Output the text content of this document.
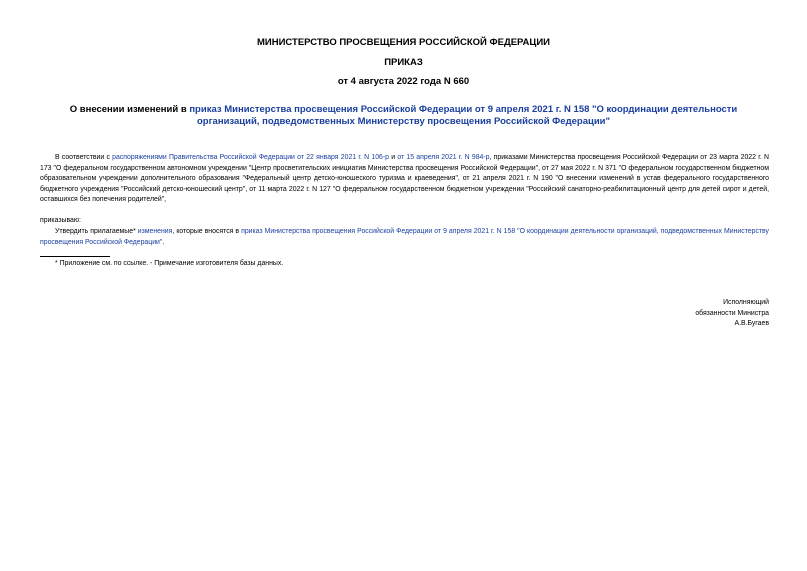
МИНИСТЕРСТВО ПРОСВЕЩЕНИЯ РОССИЙСКОЙ ФЕДЕРАЦИИ
ПРИКАЗ
от 4 августа 2022 года N 660
О внесении изменений в приказ Министерства просвещения Российской Федерации от 9 апреля 2021 г. N 158 "О координации деятельности организаций, подведомственных Министерству просвещения Российской Федерации"
В соответствии с распоряжениями Правительства Российской Федерации от 22 января 2021 г. N 106-р и от 15 апреля 2021 г. N 984-р, приказами Министерства просвещения Российской Федерации от 23 марта 2022 г. N 173 "О федеральном государственном автономном учреждении "Центр просветительских инициатив Министерства просвещения Российской Федерации", от 27 мая 2022 г. N 371 "О федеральном государственном бюджетном образовательном учреждении дополнительного образования "Федеральный центр детско-юношеского туризма и краеведения", от 21 апреля 2021 г. N 190 "О внесении изменений в устав федерального государственного бюджетного учреждения "Российский детско-юношеский центр", от 11 марта 2022 г. N 127 "О федеральном государственном бюджетном учреждении "Российский санаторно-реабилитационный центр для детей сирот и детей, оставшихся без попечения родителей",
приказываю:
Утвердить прилагаемые* изменения, которые вносятся в приказ Министерства просвещения Российской Федерации от 9 апреля 2021 г. N 158 "О координации деятельности организаций, подведомственных Министерству просвещения Российской Федерации".
* Приложение см. по ссылке. - Примечание изготовителя базы данных.
Исполняющий
обязанности Министра
А.В.Бугаев
